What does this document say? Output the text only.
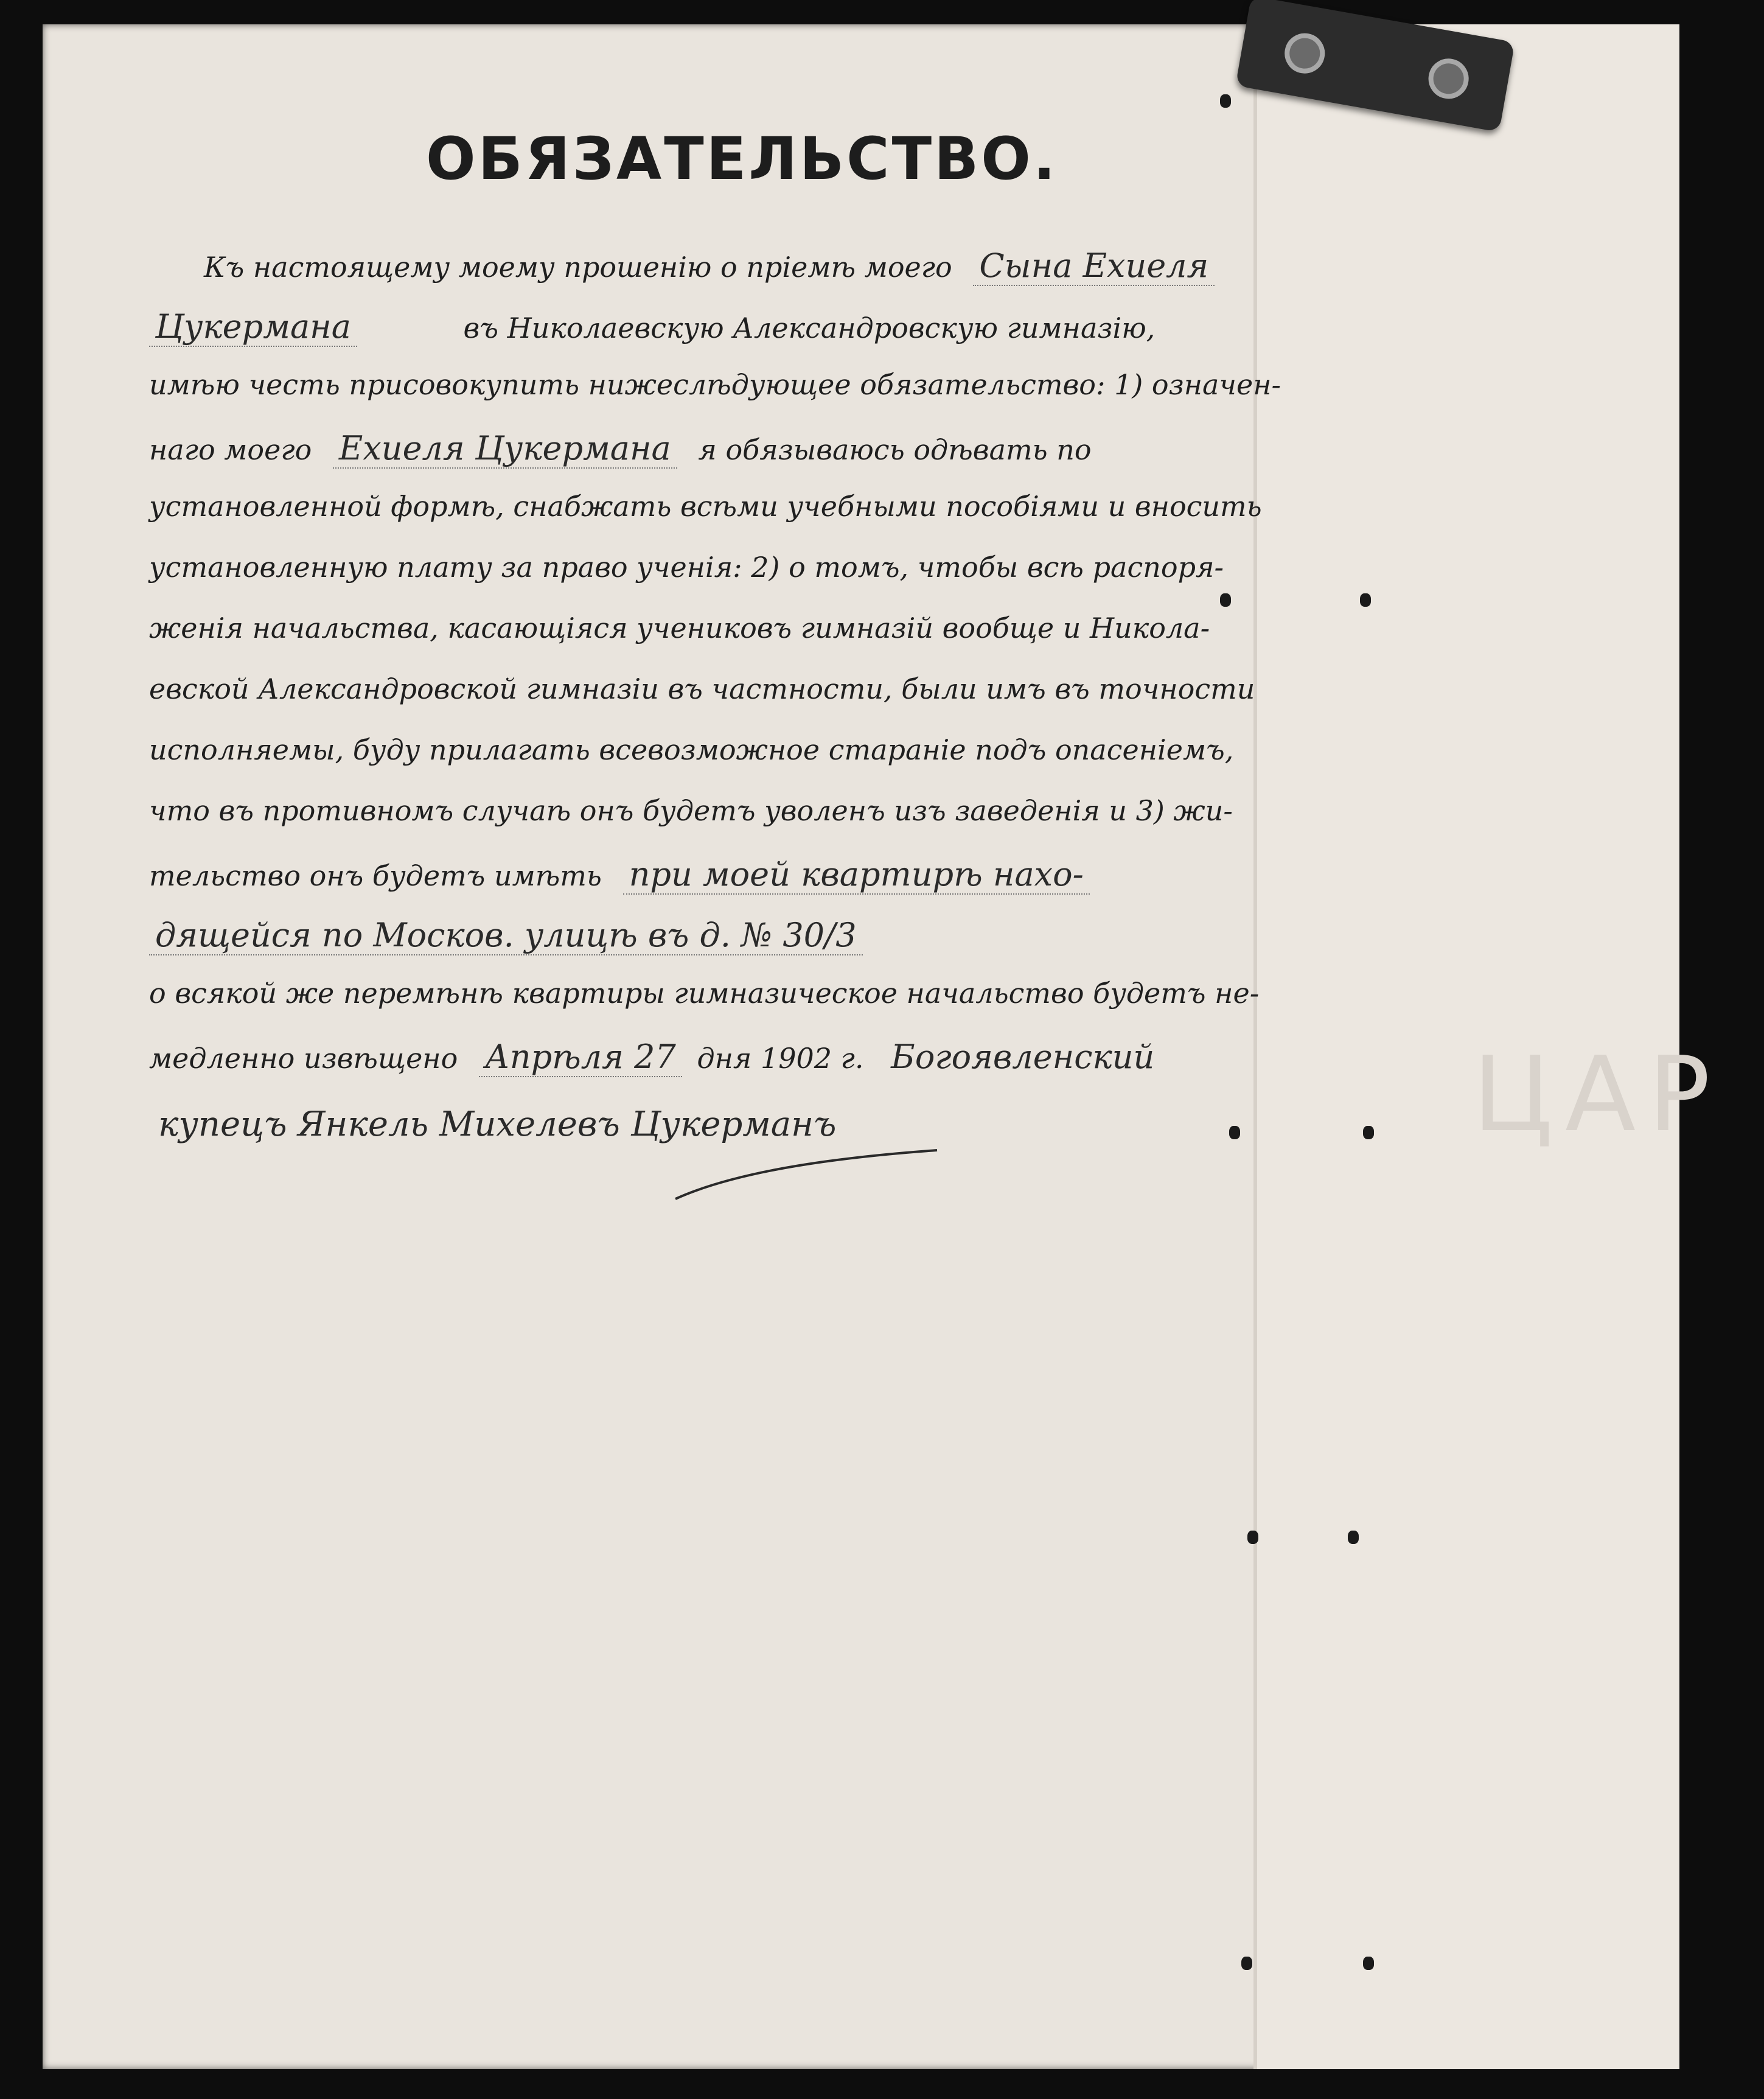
ЦАР
ОБЯЗАТЕЛЬСТВО.
Къ настоящему моему прошенію о пріемѣ моего Сына Ехиеля
Цукермана	въ Николаевскую Александровскую гимназію,
имѣю честь присовокупить нижеслѣдующее обязательство: 1) означен-
наго моего Ехиеля Цукермана я обязываюсь одѣвать по
установленной формѣ, снабжать всѣми учебными пособіями и вносить
установленную плату за право ученія: 2) о томъ, чтобы всѣ распоря-
женія начальства, касающіяся учениковъ гимназій вообще и Никола-
евской Александровской гимназіи въ частности, были имъ въ точности
исполняемы, буду прилагать всевозможное стараніе подъ опасеніемъ,
что въ противномъ случаѣ онъ будетъ уволенъ изъ заведенія и 3) жи-
тельство онъ будетъ имѣть при моей квартирѣ нахо-
дящейся по Москов. улицѣ въ д. № 30/3
о всякой же перемѣнѣ квартиры гимназическое начальство будетъ не-
медленно извѣщено Апрѣля 27 дня 1902 г. Богоявленский
купецъ Янкель Михелевъ Цукерманъ
